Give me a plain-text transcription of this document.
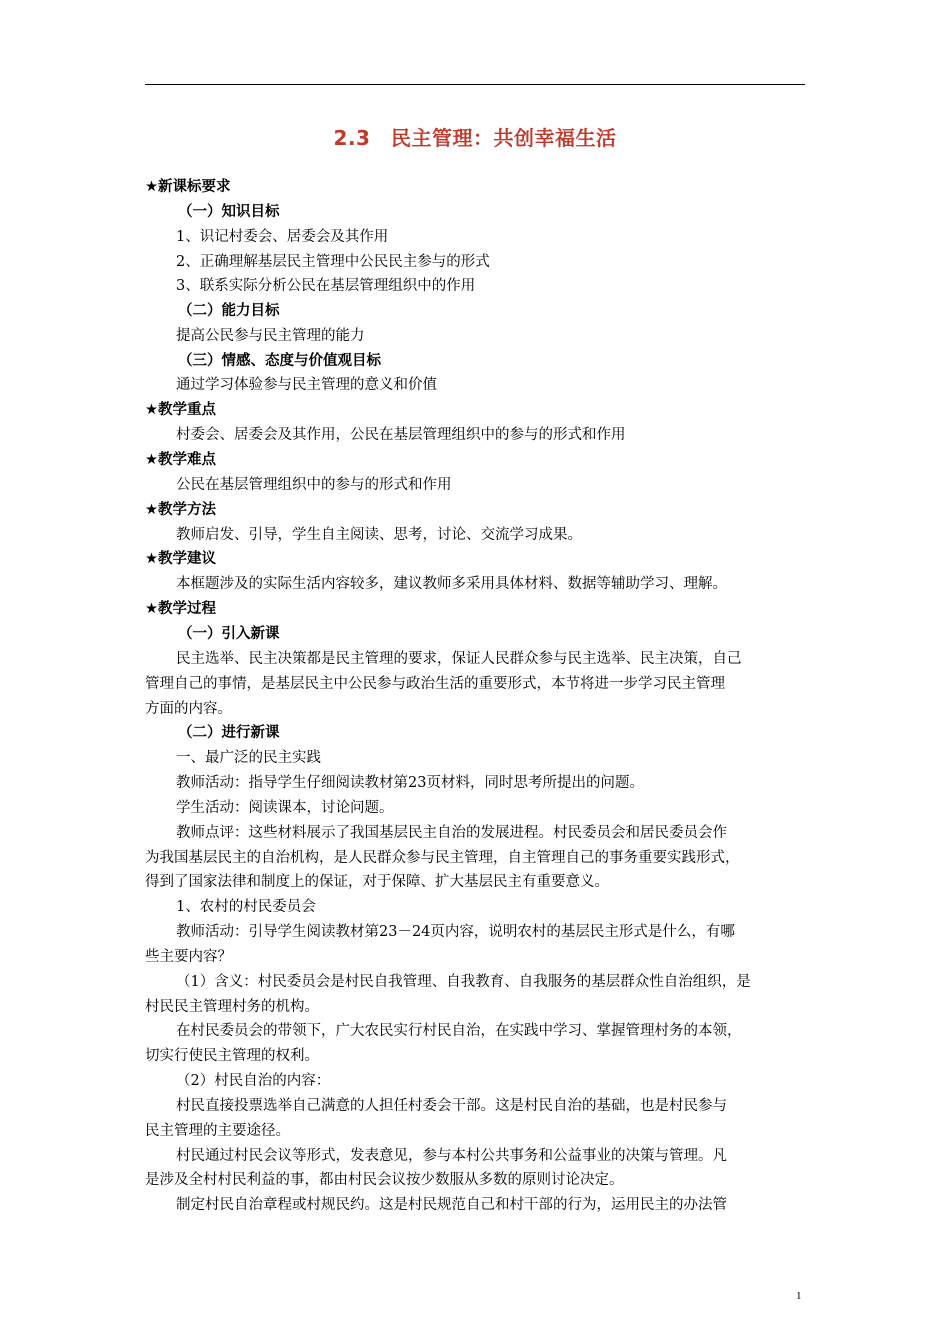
2.3　民主管理：共创幸福生活
★新课标要求
（一）知识目标
1、识记村委会、居委会及其作用
2、正确理解基层民主管理中公民民主参与的形式
3、联系实际分析公民在基层管理组织中的作用
（二）能力目标
提高公民参与民主管理的能力
（三）情感、态度与价值观目标
通过学习体验参与民主管理的意义和价值
★教学重点
村委会、居委会及其作用，公民在基层管理组织中的参与的形式和作用
★教学难点
公民在基层管理组织中的参与的形式和作用
★教学方法
教师启发、引导，学生自主阅读、思考，讨论、交流学习成果。
★教学建议
本框题涉及的实际生活内容较多，建议教师多采用具体材料、数据等辅助学习、理解。
★教学过程
（一）引入新课
民主选举、民主决策都是民主管理的要求，保证人民群众参与民主选举、民主决策，自己
管理自己的事情，是基层民主中公民参与政治生活的重要形式，本节将进一步学习民主管理
方面的内容。
（二）进行新课
一、最广泛的民主实践
教师活动：指导学生仔细阅读教材第23页材料，同时思考所提出的问题。
学生活动：阅读课本，讨论问题。
教师点评：这些材料展示了我国基层民主自治的发展进程。村民委员会和居民委员会作
为我国基层民主的自治机构，是人民群众参与民主管理，自主管理自己的事务重要实践形式，
得到了国家法律和制度上的保证，对于保障、扩大基层民主有重要意义。
1、农村的村民委员会
教师活动：引导学生阅读教材第23－24页内容，说明农村的基层民主形式是什么，有哪
些主要内容？
（1）含义：村民委员会是村民自我管理、自我教育、自我服务的基层群众性自治组织，是
村民民主管理村务的机构。
在村民委员会的带领下，广大农民实行村民自治，在实践中学习、掌握管理村务的本领，
切实行使民主管理的权利。
（2）村民自治的内容：
村民直接投票选举自己满意的人担任村委会干部。这是村民自治的基础，也是村民参与
民主管理的主要途径。
村民通过村民会议等形式，发表意见，参与本村公共事务和公益事业的决策与管理。凡
是涉及全村村民利益的事，都由村民会议按少数服从多数的原则讨论决定。
制定村民自治章程或村规民约。这是村民规范自己和村干部的行为，运用民主的办法管
1
